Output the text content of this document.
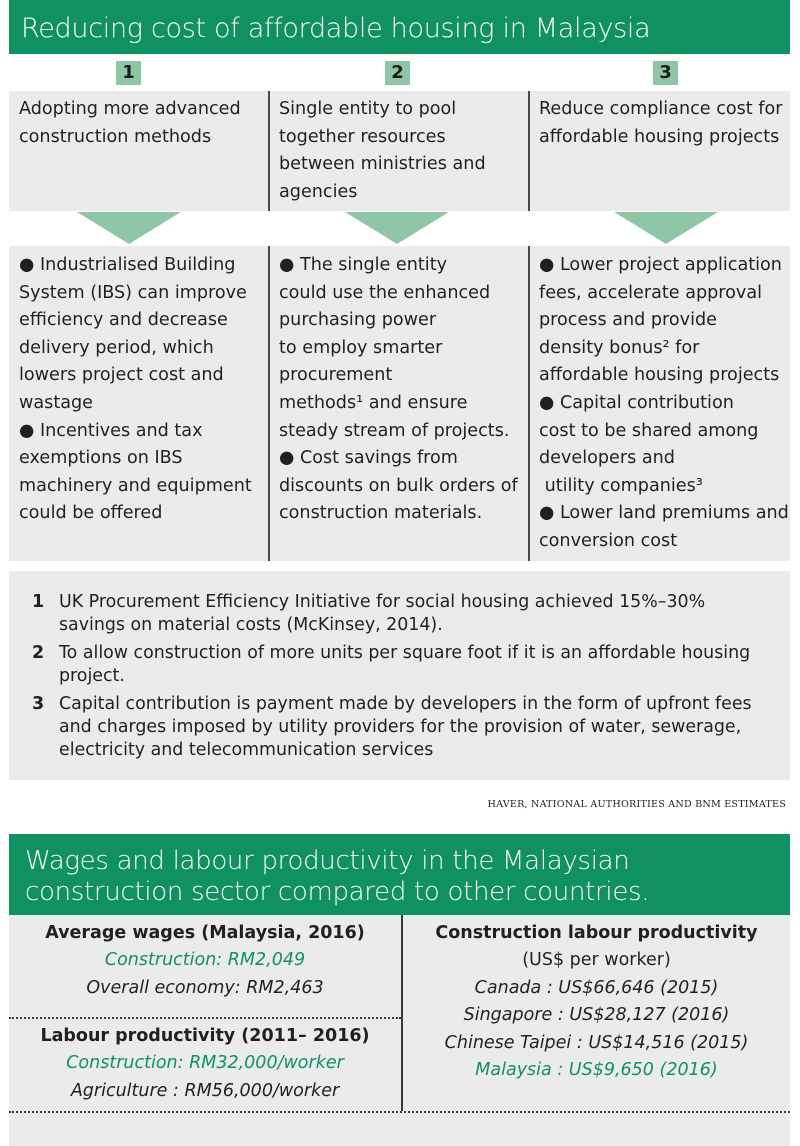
Reducing cost of affordable housing in Malaysia
1	2	3
Adopting more advanced
construction methods
Single entity to pool
together resources
between ministries and
agencies
Reduce compliance cost for
affordable housing projects
● Industrialised Building
System (IBS) can improve
efficiency and decrease
delivery period, which
lowers project cost and
wastage
● Incentives and tax
exemptions on IBS
machinery and equipment
could be offered
● The single entity
could use the enhanced
purchasing power
to employ smarter
procurement
methods¹ and ensure
steady stream of projects.
● Cost savings from
discounts on bulk orders of
construction materials.
● Lower project application
fees, accelerate approval
process and provide
density bonus² for
affordable housing projects
● Capital contribution
cost to be shared among
developers and
utility companies³
● Lower land premiums and
conversion cost
1 UK Procurement Efficiency Initiative for social housing achieved 15%–30%
savings on material costs (McKinsey, 2014).
2 To allow construction of more units per square foot if it is an affordable housing
project.
3 Capital contribution is payment made by developers in the form of upfront fees
and charges imposed by utility providers for the provision of water, sewerage,
electricity and telecommunication services
HAVER, NATIONAL AUTHORITIES AND BNM ESTIMATES
Wages and labour productivity in the Malaysian
construction sector compared to other countries.
Average wages (Malaysia, 2016)
Construction: RM2,049
Overall economy: RM2,463
Labour productivity (2011– 2016)
Construction: RM32,000/worker
Agriculture : RM56,000/worker
Construction labour productivity
(US$ per worker)
Canada : US$66,646 (2015)
Singapore : US$28,127 (2016)
Chinese Taipei : US$14,516 (2015)
Malaysia : US$9,650 (2016)
